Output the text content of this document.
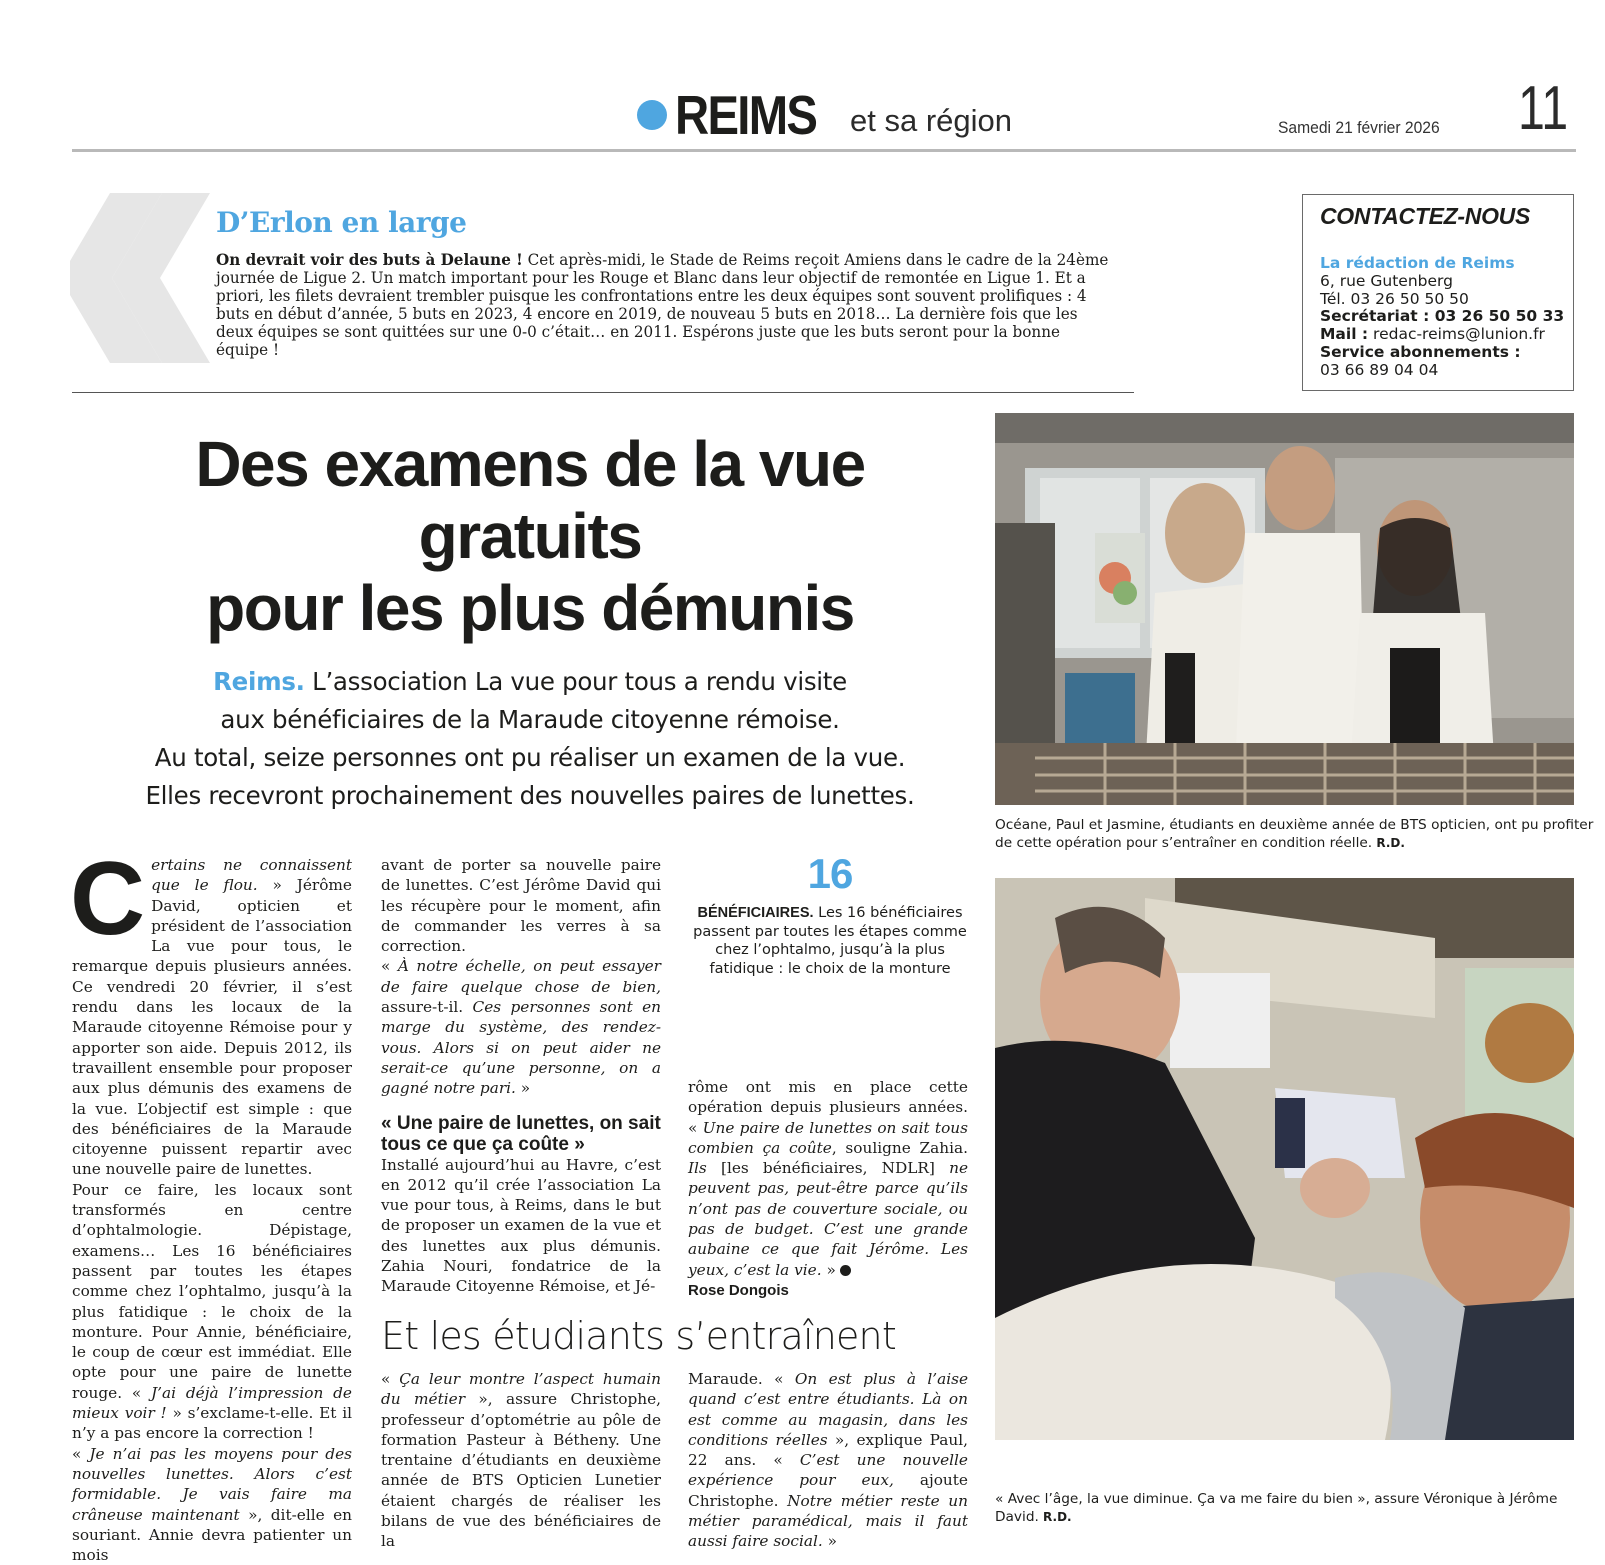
REIMS et sa région	Samedi 21 février 2026 11
D’Erlon en large
On devrait voir des buts à Delaune ! Cet après-midi, le Stade de Reims reçoit Amiens dans le cadre de la 24ème journée de Ligue 2. Un match important pour les Rouge et Blanc dans leur objectif de remontée en Ligue 1. Et a priori, les filets devraient trembler puisque les confrontations entre les deux équipes sont souvent prolifiques : 4 buts en début d’année, 5 buts en 2023, 4 encore en 2019, de nouveau 5 buts en 2018… La dernière fois que les deux équipes se sont quittées sur une 0-0 c’était… en 2011. Espérons juste que les buts seront pour la bonne équipe !
CONTACTEZ-NOUS
La rédaction de Reims
6, rue Gutenberg
Tél. 03 26 50 50 50
Secrétariat : 03 26 50 50 33
Mail : redac-reims@lunion.fr
Service abonnements :
03 66 89 04 04
Des examens de la vue
gratuits
pour les plus démunis
Reims. L’association La vue pour tous a rendu visite
aux bénéficiaires de la Maraude citoyenne rémoise.
Au total, seize personnes ont pu réaliser un examen de la vue.
Elles recevront prochainement des nouvelles paires de lunettes.
Certains ne connaissent que le flou. » Jérôme David, opticien et président de l’association La vue pour tous, le remarque depuis plusieurs années. Ce vendredi 20 février, il s’est rendu dans les locaux de la Maraude citoyenne Rémoise pour y apporter son aide. Depuis 2012, ils travaillent ensemble pour proposer aux plus démunis des examens de la vue. L’objectif est simple : que des bénéficiaires de la Maraude citoyenne puissent repartir avec une nouvelle paire de lunettes.
Pour ce faire, les locaux sont transformés en centre d’ophtalmologie. Dépistage, examens… Les 16 bénéficiaires passent par toutes les étapes comme chez l’ophtalmo, jusqu’à la plus fatidique : le choix de la monture. Pour Annie, bénéficiaire, le coup de cœur est immédiat. Elle opte pour une paire de lunette rouge. « J’ai déjà l’impression de mieux voir ! » s’exclame-t-elle. Et il n’y a pas encore la correction !
« Je n’ai pas les moyens pour des nouvelles lunettes. Alors c’est formidable. Je vais faire ma crâneuse maintenant », dit-elle en souriant. Annie devra patienter un mois
avant de porter sa nouvelle paire de lunettes. C’est Jérôme David qui les récupère pour le moment, afin de commander les verres à sa correction.
« À notre échelle, on peut essayer de faire quelque chose de bien, assure-t-il. Ces personnes sont en marge du système, des rendez-vous. Alors si on peut aider ne serait-ce qu’une personne, on a gagné notre pari. »
« Une paire de lunettes, on sait tous ce que ça coûte »
Installé aujourd’hui au Havre, c’est en 2012 qu’il crée l’association La vue pour tous, à Reims, dans le but de proposer un examen de la vue et des lunettes aux plus démunis. Zahia Nouri, fondatrice de la Maraude Citoyenne Rémoise, et Jé-
16
BÉNÉFICIAIRES. Les 16 bénéficiaires passent par toutes les étapes comme chez l’ophtalmo, jusqu’à la plus fatidique : le choix de la monture
rôme ont mis en place cette opération depuis plusieurs années. « Une paire de lunettes on sait tous combien ça coûte, souligne Zahia. Ils [les bénéficiaires, NDLR] ne peuvent pas, peut-être parce qu’ils n’ont pas de couverture sociale, ou pas de budget. C’est une grande aubaine ce que fait Jérôme. Les yeux, c’est la vie. »
Rose Dongois
Et les étudiants s’entraînent
« Ça leur montre l’aspect humain du métier », assure Christophe, professeur d’optométrie au pôle de formation Pasteur à Bétheny. Une trentaine d’étudiants en deuxième année de BTS Opticien Lunetier étaient chargés de réaliser les bilans de vue des bénéficiaires de la
Maraude. « On est plus à l’aise quand c’est entre étudiants. Là on est comme au magasin, dans les conditions réelles », explique Paul, 22 ans. « C’est une nouvelle expérience pour eux, ajoute Christophe. Notre métier reste un métier paramédical, mais il faut aussi faire social. »
Océane, Paul et Jasmine, étudiants en deuxième année de BTS opticien, ont pu profiter de cette opération pour s’entraîner en condition réelle. R.D.
« Avec l’âge, la vue diminue. Ça va me faire du bien », assure Véronique à Jérôme David. R.D.
